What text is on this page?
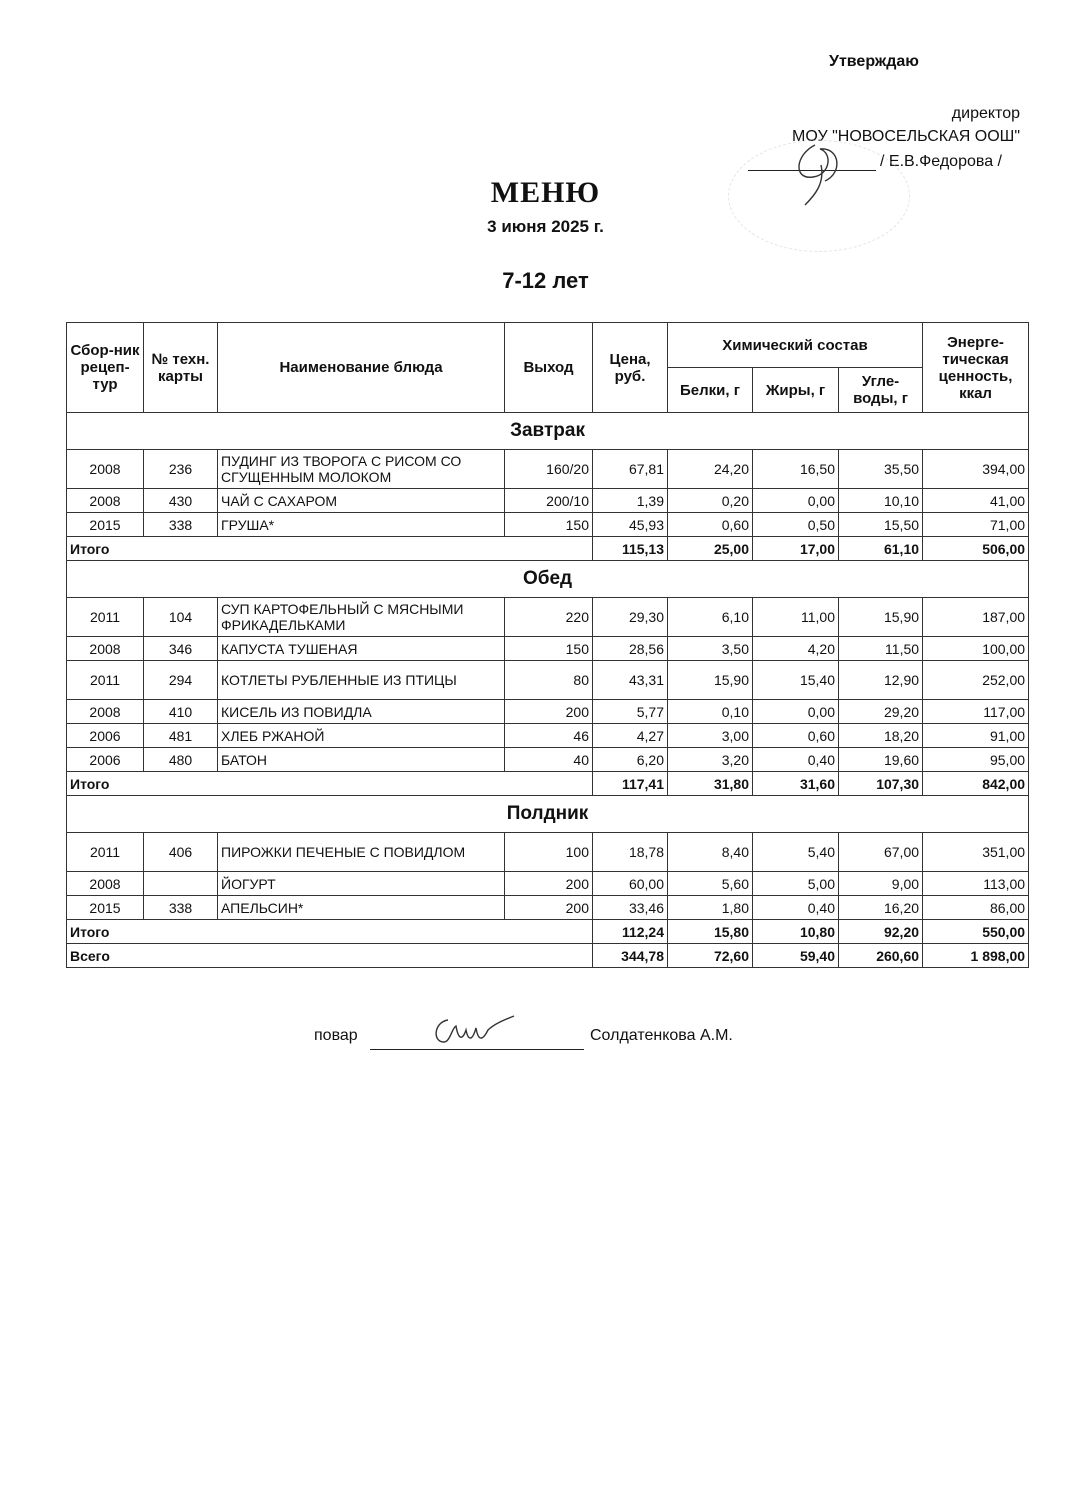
Утверждаю
директор
МОУ "НОВОСЕЛЬСКАЯ ООШ"
/ Е.В.Федорова /
МЕНЮ
3 июня 2025 г.
7-12 лет
Сбор-ник рецеп-тур	№ техн. карты	Наименование блюда	Выход	Цена, руб.	Химический состав			Энерге-тическая ценность, ккал
					Белки, г	Жиры, г	Угле-воды, г	
Завтрак								
2008	236	ПУДИНГ ИЗ ТВОРОГА С РИСОМ СО СГУЩЕННЫМ МОЛОКОМ	160/20	67,81	24,20	16,50	35,50	394,00
2008	430	ЧАЙ С САХАРОМ	200/10	1,39	0,20	0,00	10,10	41,00
2015	338	ГРУША*	150	45,93	0,60	0,50	15,50	71,00
Итого				115,13	25,00	17,00	61,10	506,00
Обед								
2011	104	СУП КАРТОФЕЛЬНЫЙ С МЯСНЫМИ ФРИКАДЕЛЬКАМИ	220	29,30	6,10	11,00	15,90	187,00
2008	346	КАПУСТА ТУШЕНАЯ	150	28,56	3,50	4,20	11,50	100,00
2011	294	КОТЛЕТЫ РУБЛЕННЫЕ ИЗ ПТИЦЫ	80	43,31	15,90	15,40	12,90	252,00
2008	410	КИСЕЛЬ ИЗ ПОВИДЛА	200	5,77	0,10	0,00	29,20	117,00
2006	481	ХЛЕБ РЖАНОЙ	46	4,27	3,00	0,60	18,20	91,00
2006	480	БАТОН	40	6,20	3,20	0,40	19,60	95,00
Итого				117,41	31,80	31,60	107,30	842,00
Полдник								
2011	406	ПИРОЖКИ ПЕЧЕНЫЕ С ПОВИДЛОМ	100	18,78	8,40	5,40	67,00	351,00
2008		ЙОГУРТ	200	60,00	5,60	5,00	9,00	113,00
2015	338	АПЕЛЬСИН*	200	33,46	1,80	0,40	16,20	86,00
Итого				112,24	15,80	10,80	92,20	550,00
Всего				344,78	72,60	59,40	260,60	1 898,00
повар	Солдатенкова А.М.
